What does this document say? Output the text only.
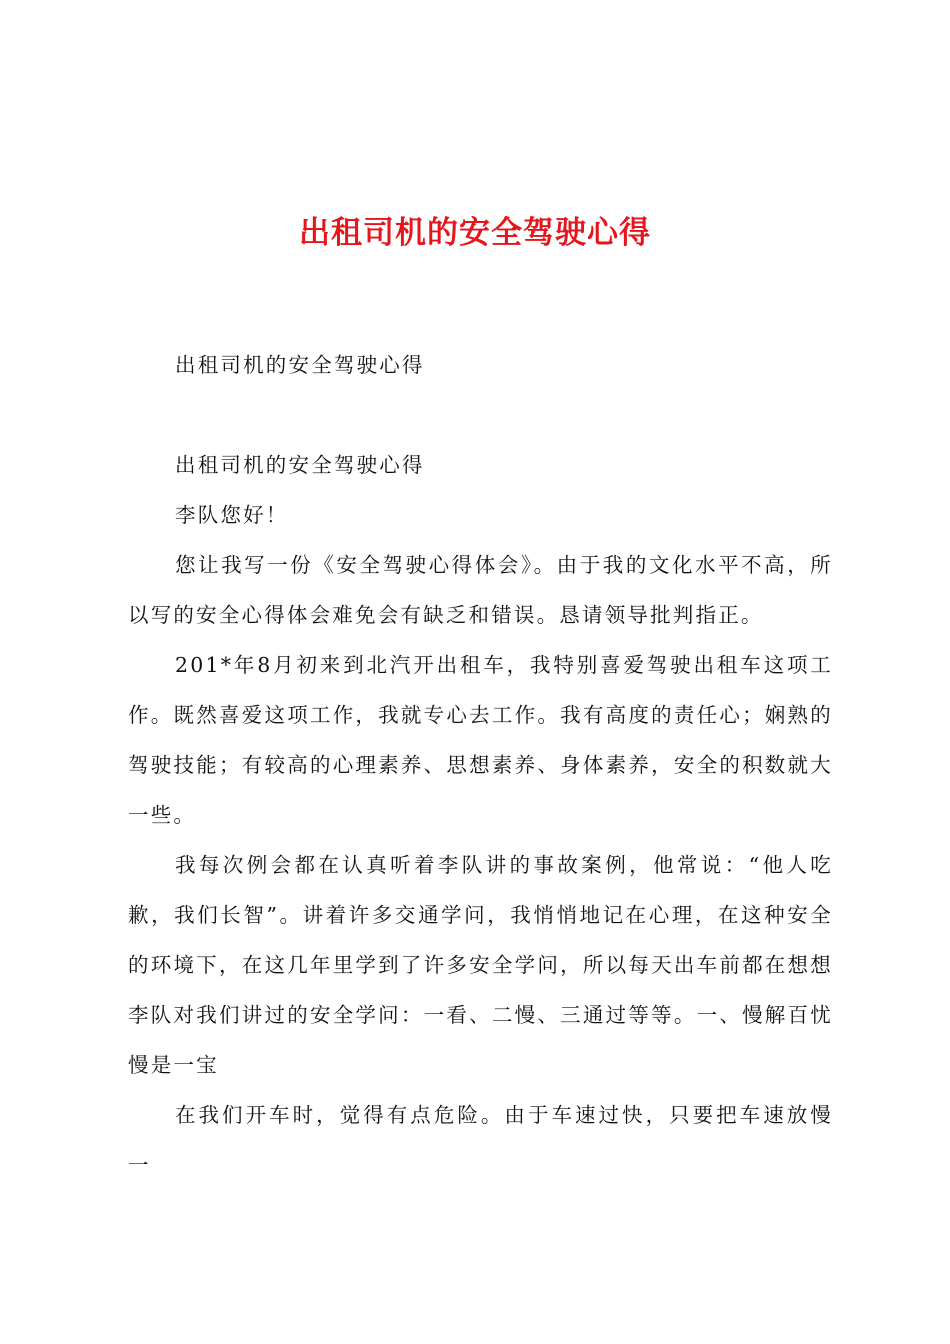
出租司机的安全驾驶心得

出租司机的安全驾驶心得

出租司机的安全驾驶心得

李队您好！

您让我写一份《安全驾驶心得体会》。由于我的文化水平不高，所以写的安全心得体会难免会有缺乏和错误。恳请领导批判指正。

201*年8月初来到北汽开出租车，我特别喜爱驾驶出租车这项工作。既然喜爱这项工作，我就专心去工作。我有高度的责任心；娴熟的驾驶技能；有较高的心理素养、思想素养、身体素养，安全的积数就大一些。

我每次例会都在认真听着李队讲的事故案例，他常说：“他人吃歉，我们长智”。讲着许多交通学问，我悄悄地记在心理，在这种安全的环境下，在这几年里学到了许多安全学问，所以每天出车前都在想想李队对我们讲过的安全学问：一看、二慢、三通过等等。一、慢解百忧慢是一宝

在我们开车时，觉得有点危险。由于车速过快，只要把车速放慢一
